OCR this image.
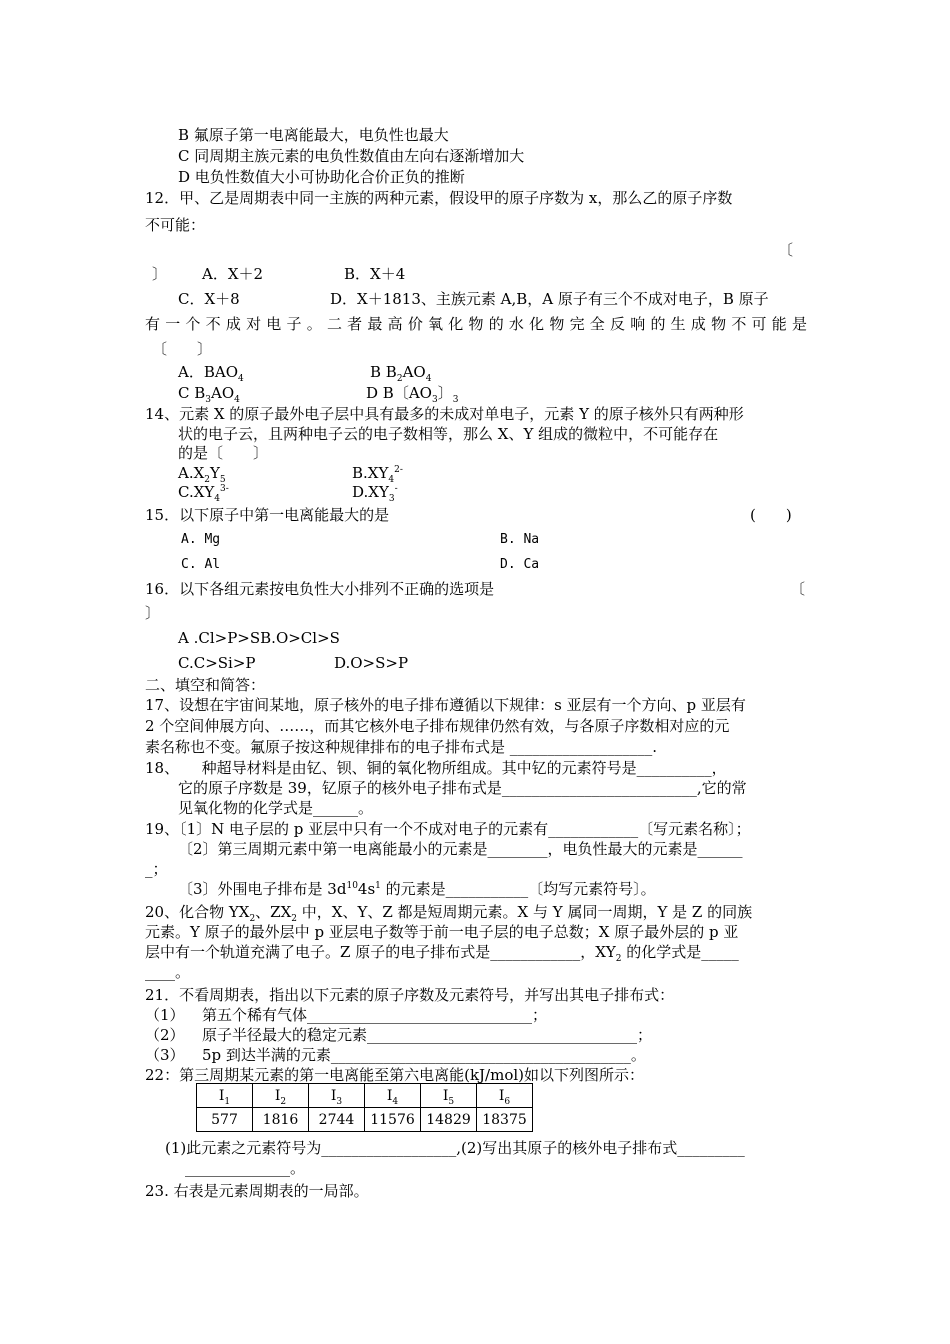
B 氟原子第一电离能最大，电负性也最大
C 同周期主族元素的电负性数值由左向右逐渐增加大
D 电负性数值大小可协助化合价正负的推断
12．甲、乙是周期表中同一主族的两种元素，假设甲的原子序数为 x，那么乙的原子序数
不可能：
〔
〕 A．X＋2	B．X＋4
C．X＋8	D．X＋1813、主族元素 A,B，A 原子有三个不成对电子，B 原子
有一个不成对电子。二者最高价氧化物的水化物完全反响的生成物不可能是
〔　　〕
A．$BAO_4$	B $B_2AO_4$
C $B_3AO_4$	D B〔$AO_3$〕$_3$
14、元素 X 的原子最外电子层中具有最多的未成对单电子，元素 Y 的原子核外只有两种形
状的电子云，且两种电子云的电子数相等，那么 X、Y 组成的微粒中，不可能存在
的是〔　　〕
$A.X_2Y_5$	$B.XY_4^{2-}$
$C.XY_4^{3-}$	$D.XY_3^-$
15．以下原子中第一电离能最大的是	(　　)
A. Mg	B. Na
C. Al	D. Ca
16．以下各组元素按电负性大小排列不正确的选项是	〔
〕
A .Cl>P>SB.O>Cl>S
C.C>Si>P	D.O>S>P
二、填空和简答：
17、设想在宇宙间某地，原子核外的电子排布遵循以下规律：s 亚层有一个方向、p 亚层有
2 个空间伸展方向、……，而其它核外电子排布规律仍然有效，与各原子序数相对应的元
素名称也不变。氟原子按这种规律排布的电子排布式是 ___________________.
18、　　种超导材料是由钇、钡、铜的氧化物所组成。其中钇的元素符号是__________，
它的原子序数是 39，钇原子的核外电子排布式是__________________________,它的常
见氧化物的化学式是______。
19、〔1〕N 电子层的 p 亚层中只有一个不成对电子的元素有____________〔写元素名称〕；
〔2〕第三周期元素中第一电离能最小的元素是________，电负性最大的元素是______
_；
〔3〕外围电子排布是 $3d^{10}4s^1$ 的元素是___________〔均写元素符号〕。
20、化合物 $YX_2$、$ZX_2$ 中，X、Y、Z 都是短周期元素。X 与 Y 属同一周期，Y 是 Z 的同族
元素。Y 原子的最外层中 p 亚层电子数等于前一电子层的电子总数；X 原子最外层的 p 亚
层中有一个轨道充满了电子。Z 原子的电子排布式是____________，$XY_2$ 的化学式是_____
____。
21．不看周期表，指出以下元素的原子序数及元素符号，并写出其电子排布式：
（1） 第五个稀有气体______________________________；
（2） 原子半径最大的稳定元素____________________________________；
（3） 5p 到达半满的元素________________________________________。
22：第三周期某元素的第一电离能至第六电离能(kJ/mol)如以下列图所示：
$I_1$	$I_2$	$I_3$	$I_4$	$I_5$	$I_6$
577	1816	2744	11576	14829	18375
(1)此元素之元素符号为__________________,(2)写出其原子的核外电子排布式_________
______________。
23. 右表是元素周期表的一局部。
